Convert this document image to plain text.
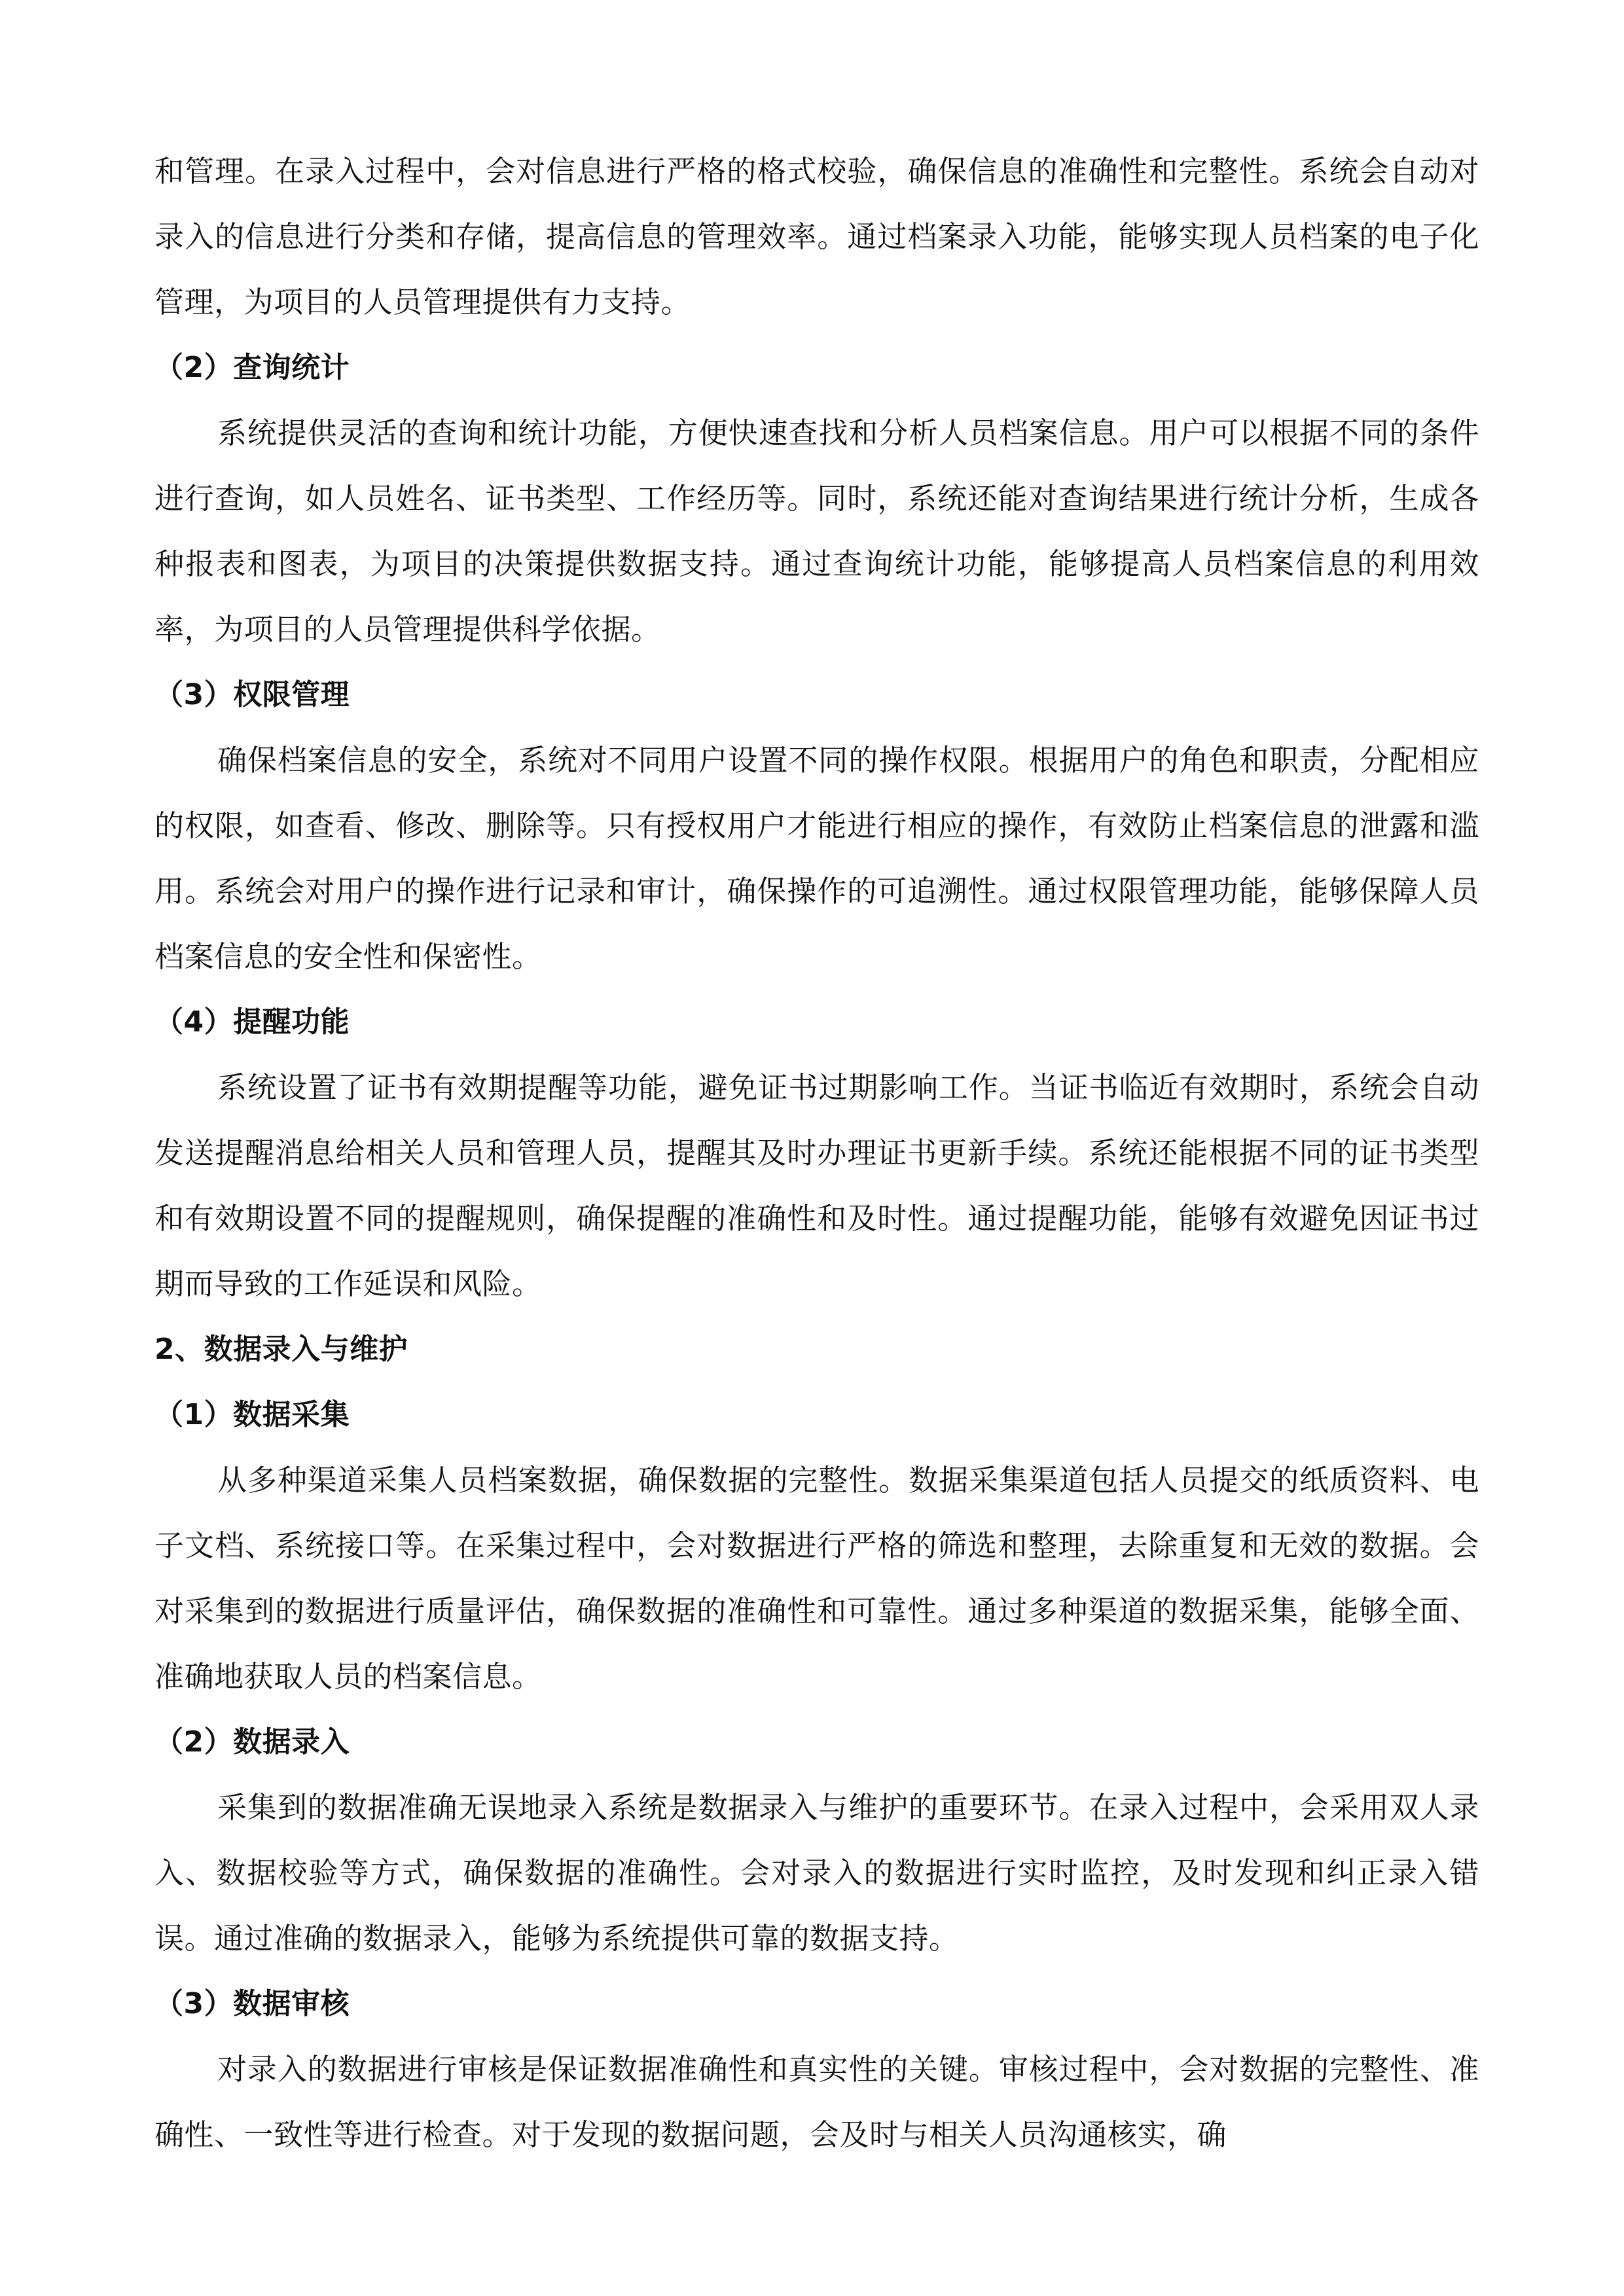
和管理。在录入过程中，会对信息进行严格的格式校验，确保信息的准确性和完整性。系统会自动对录入的信息进行分类和存储，提高信息的管理效率。通过档案录入功能，能够实现人员档案的电子化管理，为项目的人员管理提供有力支持。

（2）查询统计

系统提供灵活的查询和统计功能，方便快速查找和分析人员档案信息。用户可以根据不同的条件进行查询，如人员姓名、证书类型、工作经历等。同时，系统还能对查询结果进行统计分析，生成各种报表和图表，为项目的决策提供数据支持。通过查询统计功能，能够提高人员档案信息的利用效率，为项目的人员管理提供科学依据。

（3）权限管理

确保档案信息的安全，系统对不同用户设置不同的操作权限。根据用户的角色和职责，分配相应的权限，如查看、修改、删除等。只有授权用户才能进行相应的操作，有效防止档案信息的泄露和滥用。系统会对用户的操作进行记录和审计，确保操作的可追溯性。通过权限管理功能，能够保障人员档案信息的安全性和保密性。

（4）提醒功能

系统设置了证书有效期提醒等功能，避免证书过期影响工作。当证书临近有效期时，系统会自动发送提醒消息给相关人员和管理人员，提醒其及时办理证书更新手续。系统还能根据不同的证书类型和有效期设置不同的提醒规则，确保提醒的准确性和及时性。通过提醒功能，能够有效避免因证书过期而导致的工作延误和风险。

2、数据录入与维护

（1）数据采集

从多种渠道采集人员档案数据，确保数据的完整性。数据采集渠道包括人员提交的纸质资料、电子文档、系统接口等。在采集过程中，会对数据进行严格的筛选和整理，去除重复和无效的数据。会对采集到的数据进行质量评估，确保数据的准确性和可靠性。通过多种渠道的数据采集，能够全面、准确地获取人员的档案信息。

（2）数据录入

采集到的数据准确无误地录入系统是数据录入与维护的重要环节。在录入过程中，会采用双人录入、数据校验等方式，确保数据的准确性。会对录入的数据进行实时监控，及时发现和纠正录入错误。通过准确的数据录入，能够为系统提供可靠的数据支持。

（3）数据审核

对录入的数据进行审核是保证数据准确性和真实性的关键。审核过程中，会对数据的完整性、准确性、一致性等进行检查。对于发现的数据问题，会及时与相关人员沟通核实，确
